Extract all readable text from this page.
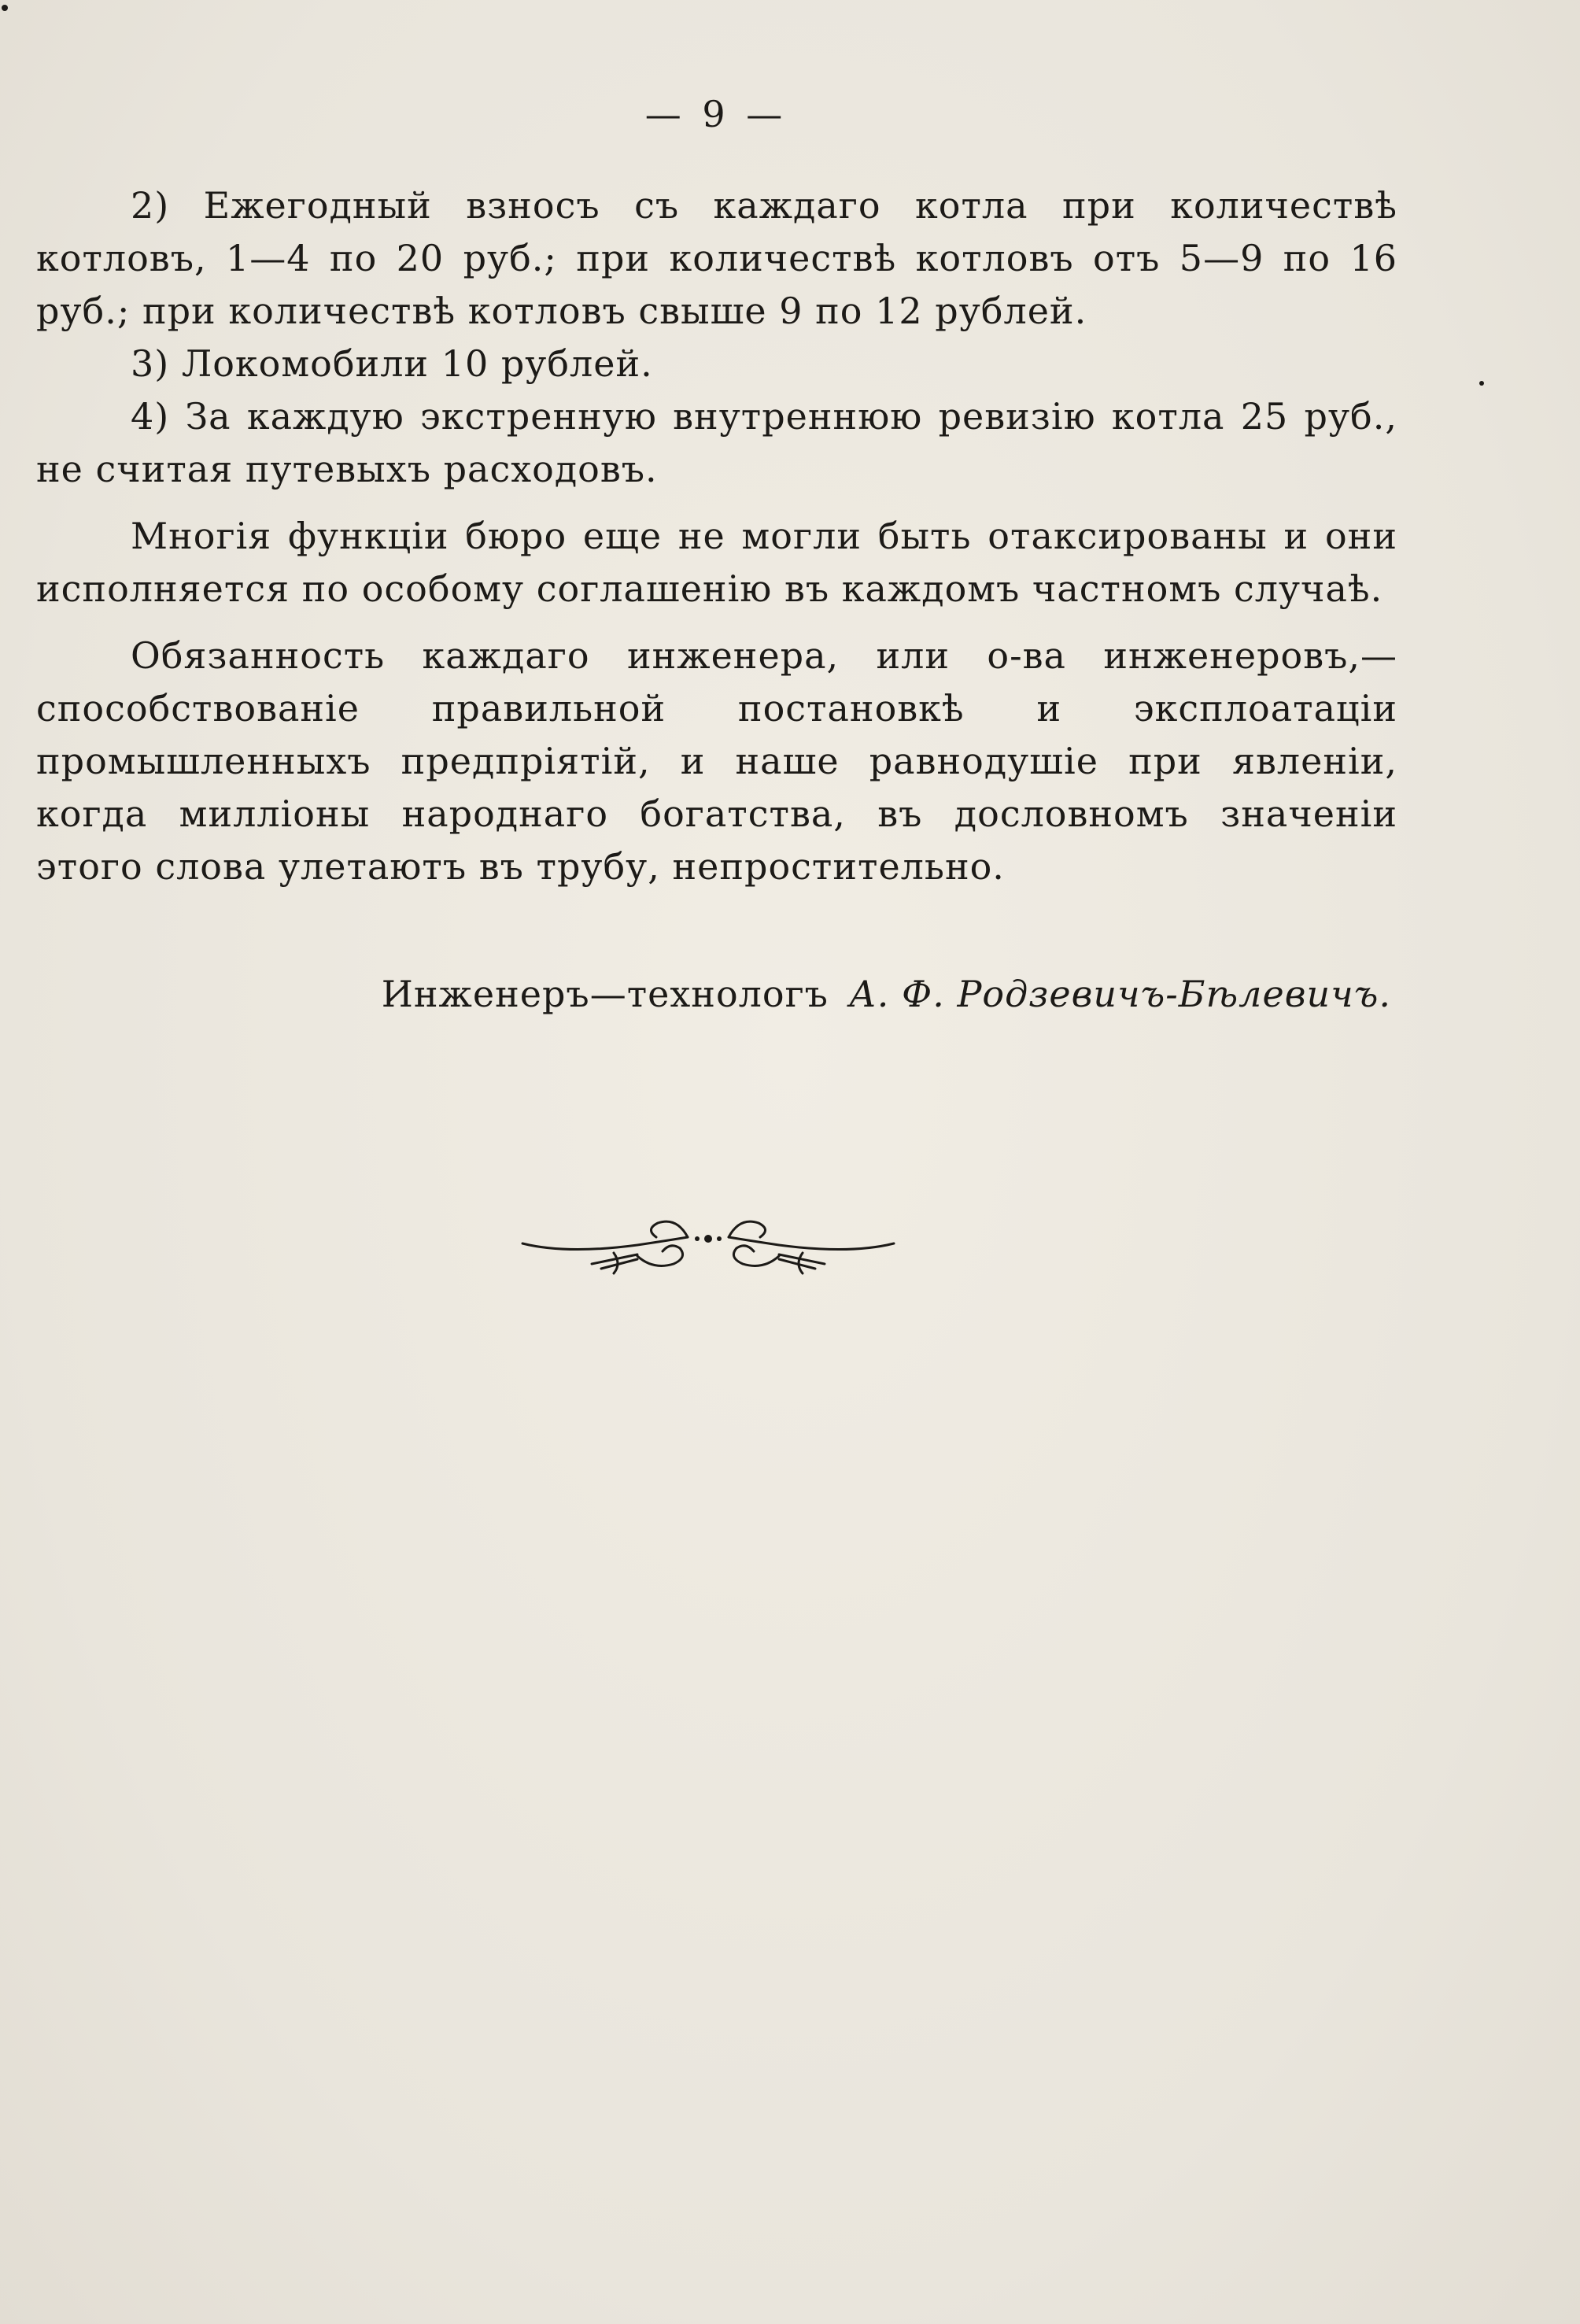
— 9 —

2) Ежегодный взносъ съ каждаго котла при количествѣ котловъ, 1—4 по 20 руб.; при количествѣ котловъ отъ 5—9 по 16 руб.; при количествѣ котловъ свыше 9 по 12 рублей.

3) Локомобили 10 рублей.

4) За каждую экстренную внутреннюю ревизію котла 25 руб., не считая путевыхъ расходовъ.

Многія функціи бюро еще не могли быть отаксированы и они исполняется по особому соглашенію въ каждомъ частномъ случаѣ.

Обязанность каждаго инженера, или о-ва инженеровъ,—способствованіе правильной постановкѣ и эксплоатаціи промышленныхъ предпріятій, и наше равнодушіе при явленіи, когда милліоны народнаго богатства, въ дословномъ значеніи этого слова улетаютъ въ трубу, непростительно.

Инженеръ—технологъ А. Ф. Родзевичъ-Бѣлевичъ.
